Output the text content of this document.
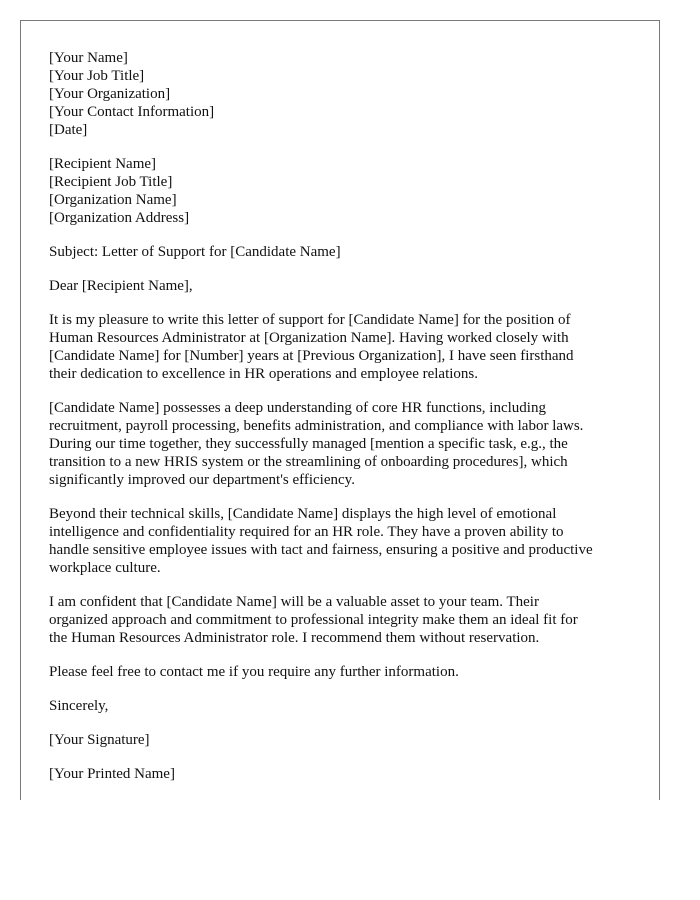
[Your Name]
[Your Job Title]
[Your Organization]
[Your Contact Information]
[Date]
[Recipient Name]
[Recipient Job Title]
[Organization Name]
[Organization Address]

Subject: Letter of Support for [Candidate Name]

Dear [Recipient Name],

It is my pleasure to write this letter of support for [Candidate Name] for the position of
Human Resources Administrator at [Organization Name]. Having worked closely with
[Candidate Name] for [Number] years at [Previous Organization], I have seen firsthand
their dedication to excellence in HR operations and employee relations.

[Candidate Name] possesses a deep understanding of core HR functions, including
recruitment, payroll processing, benefits administration, and compliance with labor laws.
During our time together, they successfully managed [mention a specific task, e.g., the
transition to a new HRIS system or the streamlining of onboarding procedures], which
significantly improved our department's efficiency.

Beyond their technical skills, [Candidate Name] displays the high level of emotional
intelligence and confidentiality required for an HR role. They have a proven ability to
handle sensitive employee issues with tact and fairness, ensuring a positive and productive
workplace culture.

I am confident that [Candidate Name] will be a valuable asset to your team. Their
organized approach and commitment to professional integrity make them an ideal fit for
the Human Resources Administrator role. I recommend them without reservation.

Please feel free to contact me if you require any further information.

Sincerely,

[Your Signature]

[Your Printed Name]
